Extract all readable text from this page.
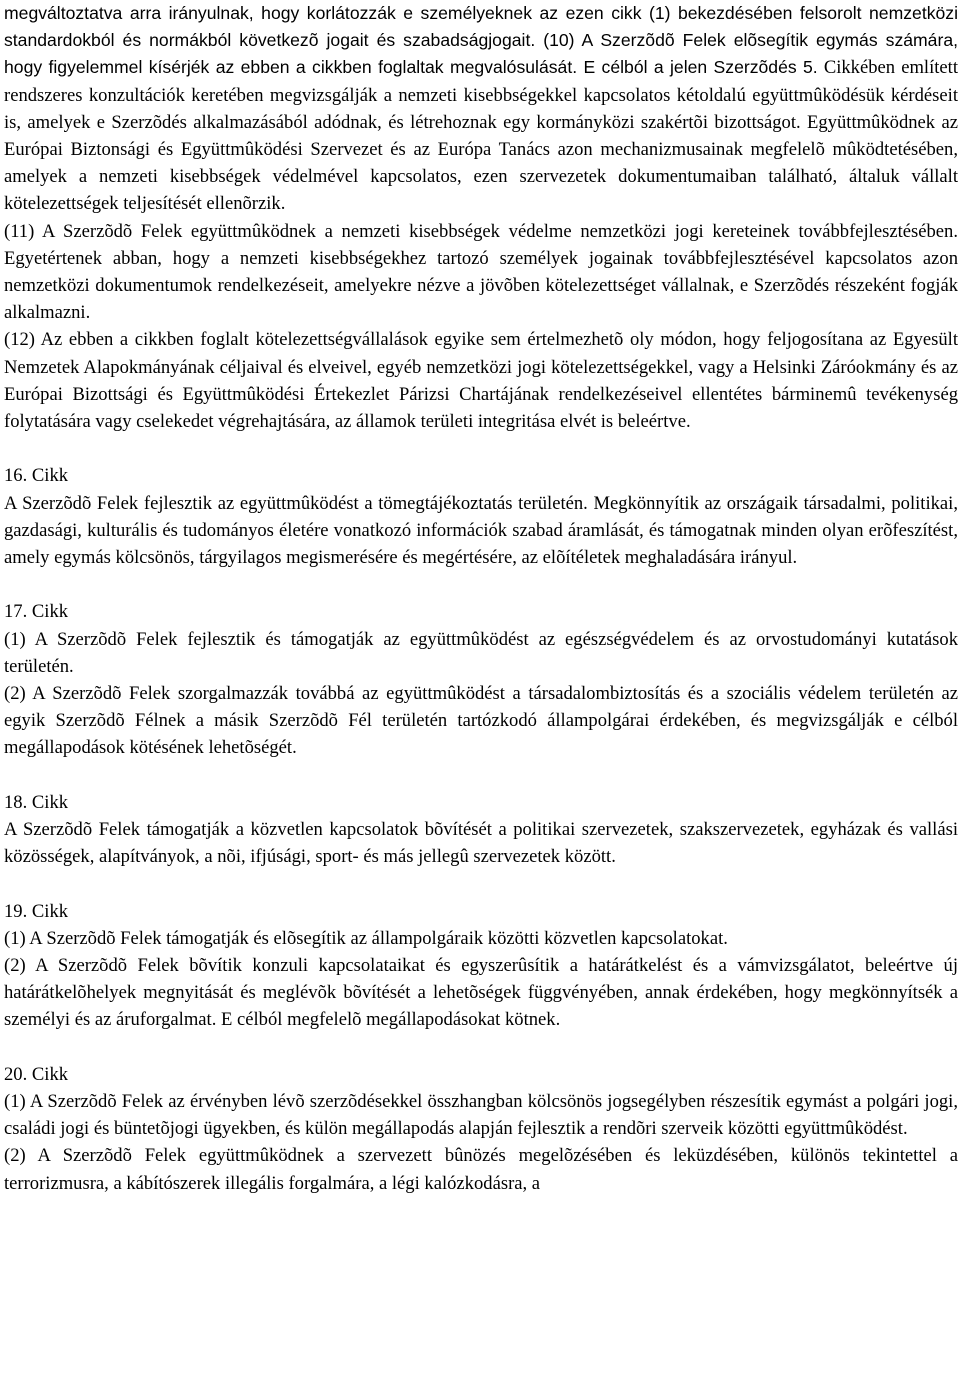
megváltoztatva arra irányulnak, hogy korlátozzák e személyeknek az ezen cikk (1) bekezdésében felsorolt nemzetközi standardokból és normákból következõ jogait és szabadságjogait. (10) A Szerzõdõ Felek elõsegítik egymás számára, hogy figyelemmel kísérjék az ebben a cikkben foglaltak megvalósulását. E célból a jelen Szerzõdés 5. Cikkében említett rendszeres konzultációk keretében megvizsgálják a nemzeti kisebbségekkel kapcsolatos kétoldalú együttmûködésük kérdéseit is, amelyek e Szerzõdés alkalmazásából adódnak, és létrehoznak egy kormányközi szakértõi bizottságot. Együttmûködnek az Európai Biztonsági és Együttmûködési Szervezet és az Európa Tanács azon mechanizmusainak megfelelõ mûködtetésében, amelyek a nemzeti kisebbségek védelmével kapcsolatos, ezen szervezetek dokumentumaiban található, általuk vállalt kötelezettségek teljesítését ellenõrzik.

(11) A Szerzõdõ Felek együttmûködnek a nemzeti kisebbségek védelme nemzetközi jogi kereteinek továbbfejlesztésében. Egyetértenek abban, hogy a nemzeti kisebbségekhez tartozó személyek jogainak továbbfejlesztésével kapcsolatos azon nemzetközi dokumentumok rendelkezéseit, amelyekre nézve a jövõben kötelezettséget vállalnak, e Szerzõdés részeként fogják alkalmazni.

(12) Az ebben a cikkben foglalt kötelezettségvállalások egyike sem értelmezhetõ oly módon, hogy feljogosítana az Egyesült Nemzetek Alapokmányának céljaival és elveivel, egyéb nemzetközi jogi kötelezettségekkel, vagy a Helsinki Záróokmány és az Európai Bizottsági és Együttmûködési Értekezlet Párizsi Chartájának rendelkezéseivel ellentétes bárminemû tevékenység folytatására vagy cselekedet végrehajtására, az államok területi integritása elvét is beleértve.

16. Cikk

A Szerzõdõ Felek fejlesztik az együttmûködést a tömegtájékoztatás területén. Megkönnyítik az országaik társadalmi, politikai, gazdasági, kulturális és tudományos életére vonatkozó információk szabad áramlását, és támogatnak minden olyan erõfeszítést, amely egymás kölcsönös, tárgyilagos megismerésére és megértésére, az elõítéletek meghaladására irányul.

17. Cikk

(1) A Szerzõdõ Felek fejlesztik és támogatják az együttmûködést az egészségvédelem és az orvostudományi kutatások területén.

(2) A Szerzõdõ Felek szorgalmazzák továbbá az együttmûködést a társadalombiztosítás és a szociális védelem területén az egyik Szerzõdõ Félnek a másik Szerzõdõ Fél területén tartózkodó állampolgárai érdekében, és megvizsgálják e célból megállapodások kötésének lehetõségét.

18. Cikk

A Szerzõdõ Felek támogatják a közvetlen kapcsolatok bõvítését a politikai szervezetek, szakszervezetek, egyházak és vallási közösségek, alapítványok, a nõi, ifjúsági, sport- és más jellegû szervezetek között.

19. Cikk

(1) A Szerzõdõ Felek támogatják és elõsegítik az állampolgáraik közötti közvetlen kapcsolatokat.

(2) A Szerzõdõ Felek bõvítik konzuli kapcsolataikat és egyszerûsítik a határátkelést és a vámvizsgálatot, beleértve új határátkelõhelyek megnyitását és meglévõk bõvítését a lehetõségek függvényében, annak érdekében, hogy megkönnyítsék a személyi és az áruforgalmat. E célból megfelelõ megállapodásokat kötnek.

20. Cikk

(1) A Szerzõdõ Felek az érvényben lévõ szerzõdésekkel összhangban kölcsönös jogsegélyben részesítik egymást a polgári jogi, családi jogi és büntetõjogi ügyekben, és külön megállapodás alapján fejlesztik a rendõri szerveik közötti együttmûködést.

(2) A Szerzõdõ Felek együttmûködnek a szervezett bûnözés megelõzésében és leküzdésében, különös tekintettel a terrorizmusra, a kábítószerek illegális forgalmára, a légi kalózkodásra, a
